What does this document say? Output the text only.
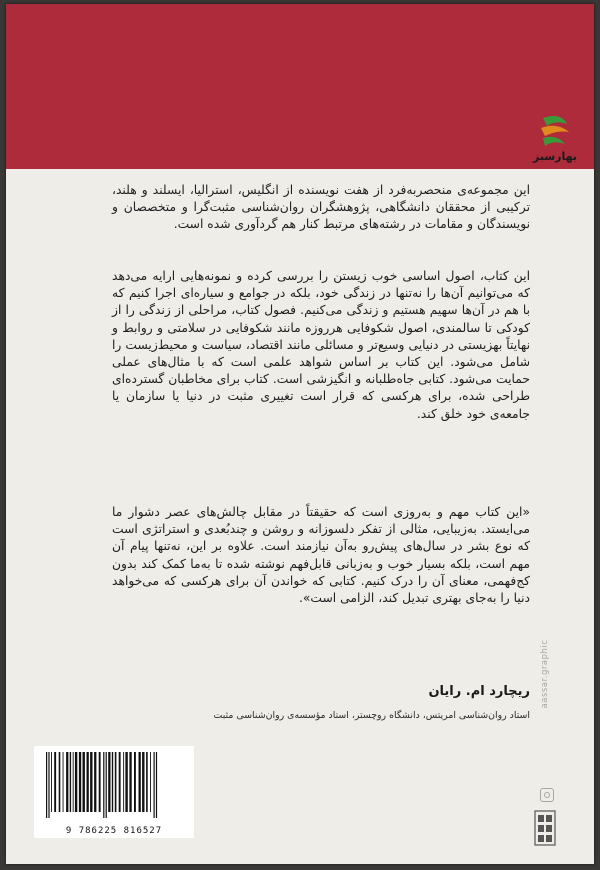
بهارسبز

این مجموعه‌ی منحصربه‌فرد از هفت نویسنده از انگلیس، استرالیا، ایسلند و هلند، ترکیبی از محققان دانشگاهی، پژوهشگران روان‌شناسی مثبت‌گرا و متخصصان و نویسندگان و مقامات در رشته‌های مرتبط کنار هم گردآوری شده است.

این کتاب، اصول اساسی خوب زیستن را بررسی کرده و نمونه‌هایی ارایه می‌دهد که می‌توانیم آن‌ها را نه‌تنها در زندگی خود، بلکه در جوامع و سیاره‌ای اجرا کنیم که با هم در آن‌ها سهیم هستیم و زندگی می‌کنیم. فصول کتاب، مراحلی از زندگی را از کودکی تا سالمندی، اصول شکوفایی هرروزه مانند شکوفایی در سلامتی و روابط و نهایتاً بهزیستی در دنیایی وسیع‌تر و مسائلی مانند اقتصاد، سیاست و محیط‌زیست را شامل می‌شود. این کتاب بر اساس شواهد علمی است که با مثال‌های عملی حمایت می‌شود. کتابی جاه‌طلبانه و انگیزشی است. کتاب برای مخاطبان گسترده‌ای طراحی شده، برای هرکسی که قرار است تغییری مثبت در دنیا یا سازمان یا جامعه‌ی خود خلق کند.

«این کتاب مهم و به‌روزی است که حقیقتاً در مقابل چالش‌های عصر دشوار ما می‌ایستد. به‌زیبایی، مثالی از تفکر دلسوزانه و روشن و چندبُعدی و استراتژی است که نوع بشر در سال‌های پیش‌رو به‌آن نیازمند است. علاوه بر این، نه‌تنها پیام آن مهم است، بلکه بسیار خوب و به‌زبانی قابل‌فهم نوشته شده تا به‌ما کمک کند بدون کج‌فهمی، معنای آن را درک کنیم. کتابی که خواندن آن برای هرکسی که می‌خواهد دنیا را به‌جای بهتری تبدیل کند، الزامی است».

ریچارد ام. رایان
استاد روان‌شناسی امریتس، دانشگاه روچستر، استاد مؤسسه‌ی روان‌شناسی مثبت
aassar.graphic
9 786225 816527
